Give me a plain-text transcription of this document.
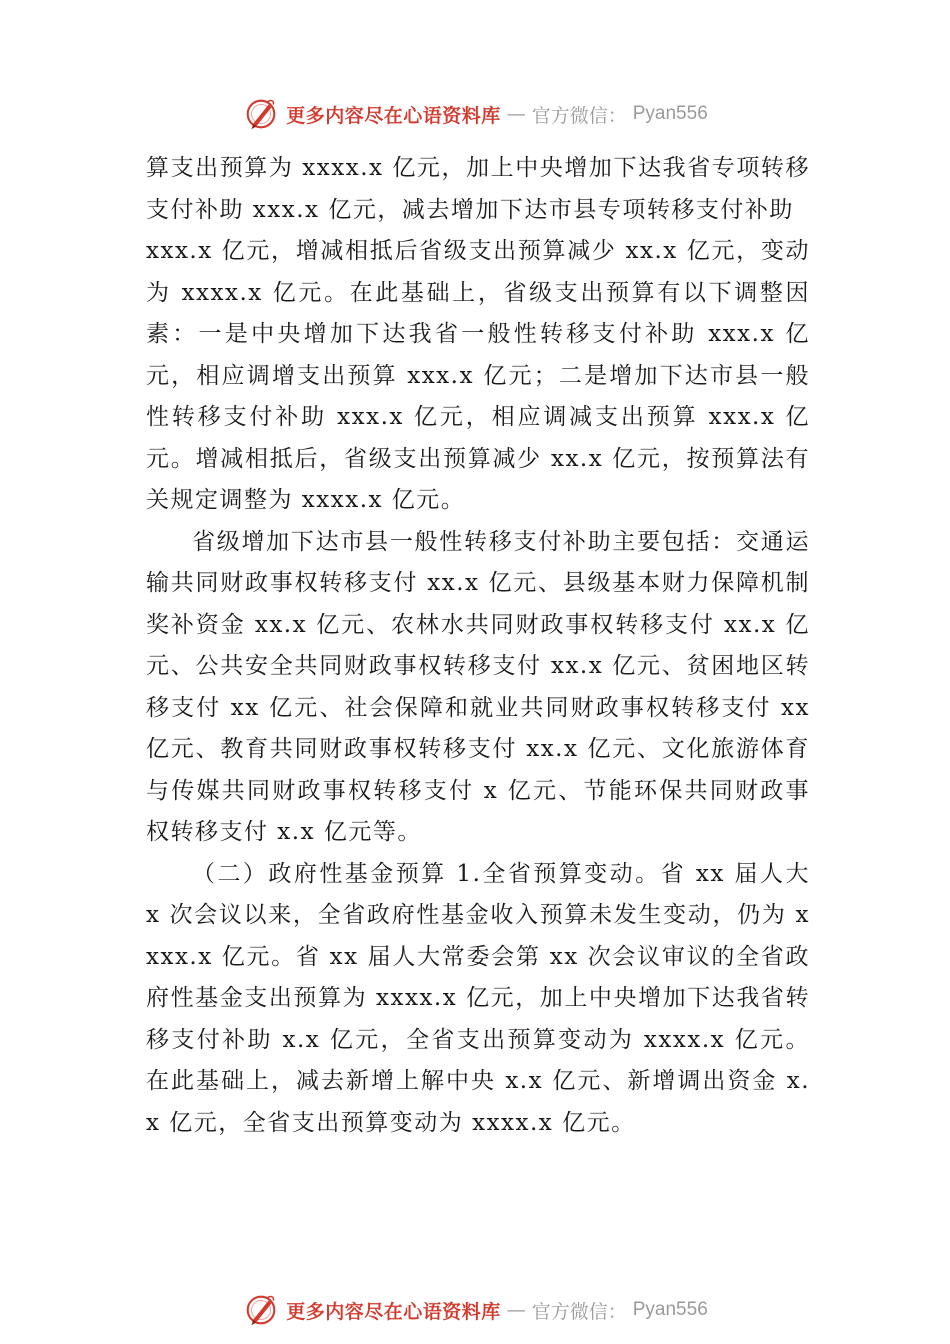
更多内容尽在心语资料库 — 官方微信： Pyan556

算支出预算为 xxxx.x 亿元，加上中央增加下达我省专项转移支付补助 xxx.x 亿元，减去增加下达市县专项转移支付补助

xxx.x 亿元，增减相抵后省级支出预算减少 xx.x 亿元，变动为 xxxx.x 亿元。在此基础上，省级支出预算有以下调整因素：一是中央增加下达我省一般性转移支付补助 xxx.x 亿元，相应调增支出预算 xxx.x 亿元；二是增加下达市县一般性转移支付补助 xxx.x 亿元，相应调减支出预算 xxx.x 亿元。增减相抵后，省级支出预算减少 xx.x 亿元，按预算法有关规定调整为 xxxx.x 亿元。

省级增加下达市县一般性转移支付补助主要包括：交通运输共同财政事权转移支付 xx.x 亿元、县级基本财力保障机制奖补资金 xx.x 亿元、农林水共同财政事权转移支付 xx.x 亿元、公共安全共同财政事权转移支付 xx.x 亿元、贫困地区转移支付 xx 亿元、社会保障和就业共同财政事权转移支付 xx 亿元、教育共同财政事权转移支付 xx.x 亿元、文化旅游体育与传媒共同财政事权转移支付 x 亿元、节能环保共同财政事权转移支付 x.x 亿元等。

（二）政府性基金预算 1.全省预算变动。省 xx 届人大 x 次会议以来，全省政府性基金收入预算未发生变动，仍为 xxxx.x 亿元。省 xx 届人大常委会第 xx 次会议审议的全省政府性基金支出预算为 xxxx.x 亿元，加上中央增加下达我省转移支付补助 x.x 亿元，全省支出预算变动为 xxxx.x 亿元。在此基础上，减去新增上解中央 x.x 亿元、新增调出资金 x.x 亿元，全省支出预算变动为 xxxx.x 亿元。

更多内容尽在心语资料库 — 官方微信： Pyan556
